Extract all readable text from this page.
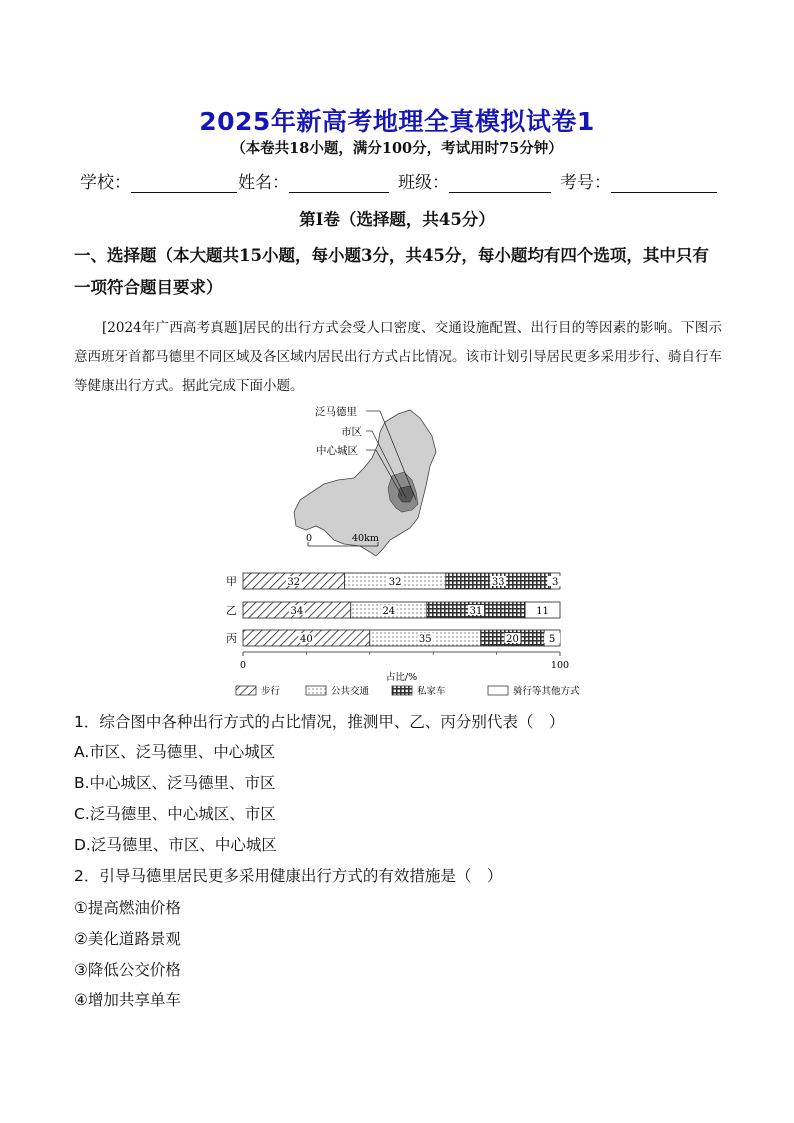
2025年新高考地理全真模拟试卷1
（本卷共18小题，满分100分，考试用时75分钟）
学校：	姓名：	班级：	考号：
第I卷（选择题，共45分）
一、选择题（本大题共15小题，每小题3分，共45分，每小题均有四个选项，其中只有一项符合题目要求）
[2024年广西高考真题]居民的出行方式会受人口密度、交通设施配置、出行目的等因素的影响。下图示意西班牙首都马德里不同区域及各区域内居民出行方式占比情况。该市计划引导居民更多采用步行、骑自行车等健康出行方式。据此完成下面小题。
泛马德里
市区
中心城区
0	40km
甲	32	32	33	3
乙	34	24	31	11
丙	40	35	20	5
0	100
占比/%
步行	公共交通	私家车	骑行等其他方式
1．综合图中各种出行方式的占比情况，推测甲、乙、丙分别代表（　）
A.市区、泛马德里、中心城区
B.中心城区、泛马德里、市区
C.泛马德里、中心城区、市区
D.泛马德里、市区、中心城区
2．引导马德里居民更多采用健康出行方式的有效措施是（　）
①提高燃油价格
②美化道路景观
③降低公交价格
④增加共享单车
